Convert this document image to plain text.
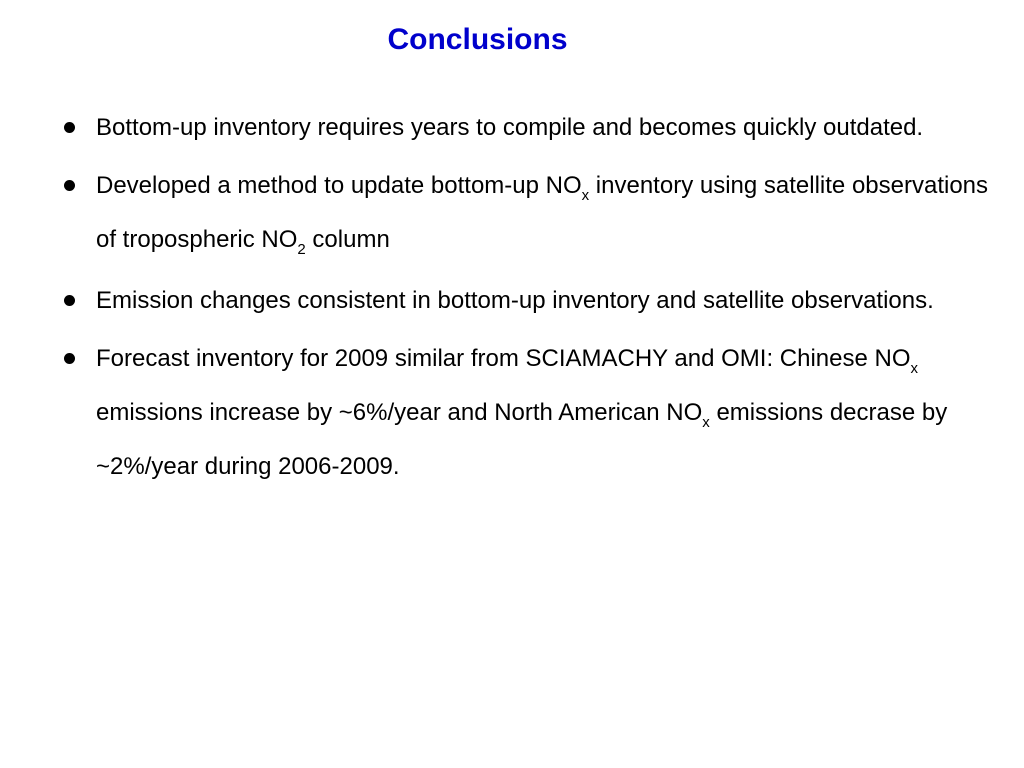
Conclusions
Bottom-up inventory requires years to compile and becomes quickly outdated.
Developed a method to update bottom-up $NO_x$ inventory using satellite observations of tropospheric $NO_2$ column
Emission changes consistent in bottom-up inventory and satellite observations.
Forecast inventory for 2009 similar from SCIAMACHY and OMI: Chinese $NO_x$ emissions increase by ~6%/year and North American $NO_x$ emissions decrase by ~2%/year during 2006-2009.
